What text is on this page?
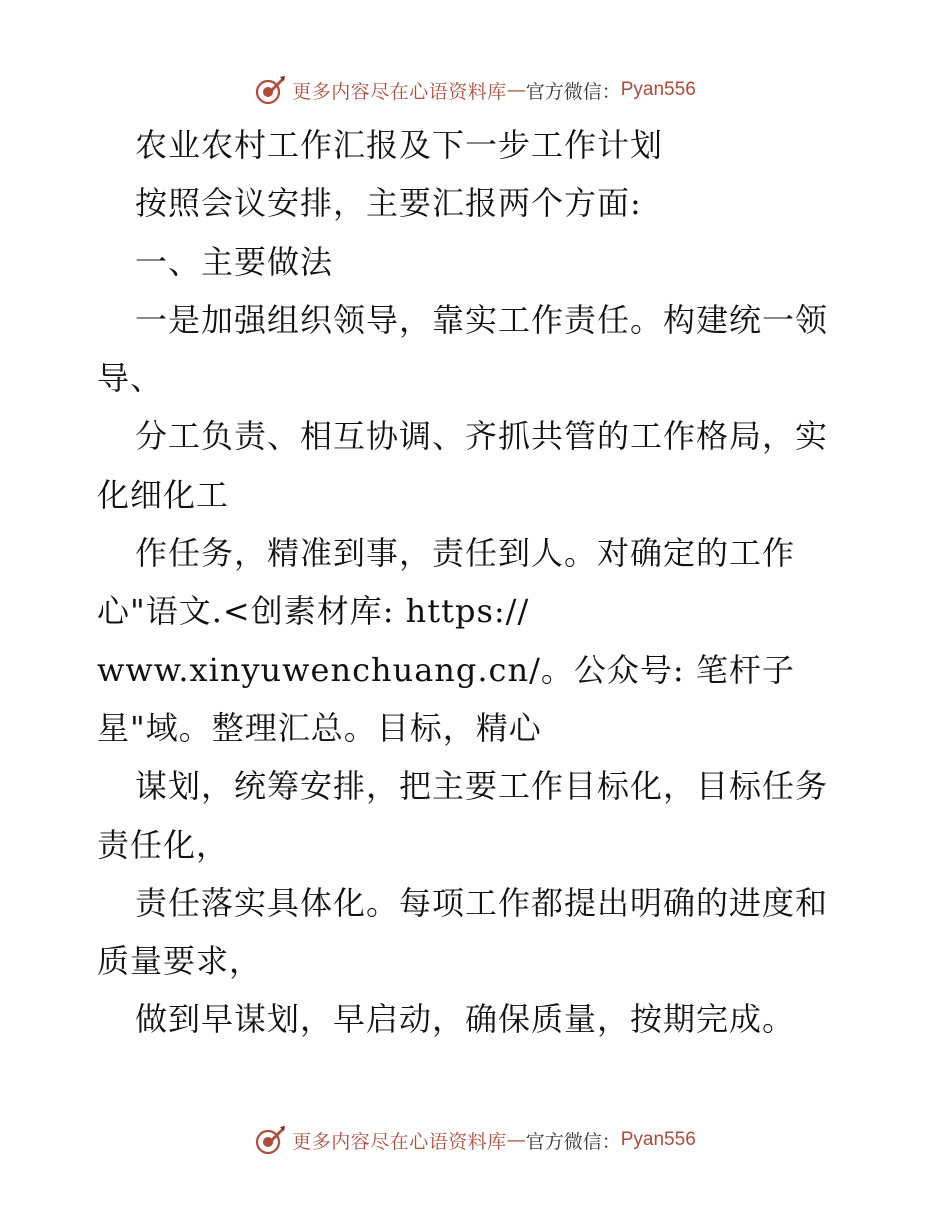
更多内容尽在心语资料库 — 官方微信： Pyan556
农业农村工作汇报及下一步工作计划
按照会议安排，主要汇报两个方面:
一、主要做法
一是加强组织领导，靠实工作责任。构建统一领
导、
分工负责、相互协调、齐抓共管的工作格局，实
化细化工
作任务，精准到事，责任到人。对确定的工作
心"语文.<创素材库: https://
www.xinyuwenchuang.cn/。公众号: 笔杆子
星"域。整理汇总。目标，精心
谋划，统筹安排，把主要工作目标化，目标任务
责任化，
责任落实具体化。每项工作都提出明确的进度和
质量要求，
做到早谋划，早启动，确保质量，按期完成。
更多内容尽在心语资料库 — 官方微信： Pyan556
